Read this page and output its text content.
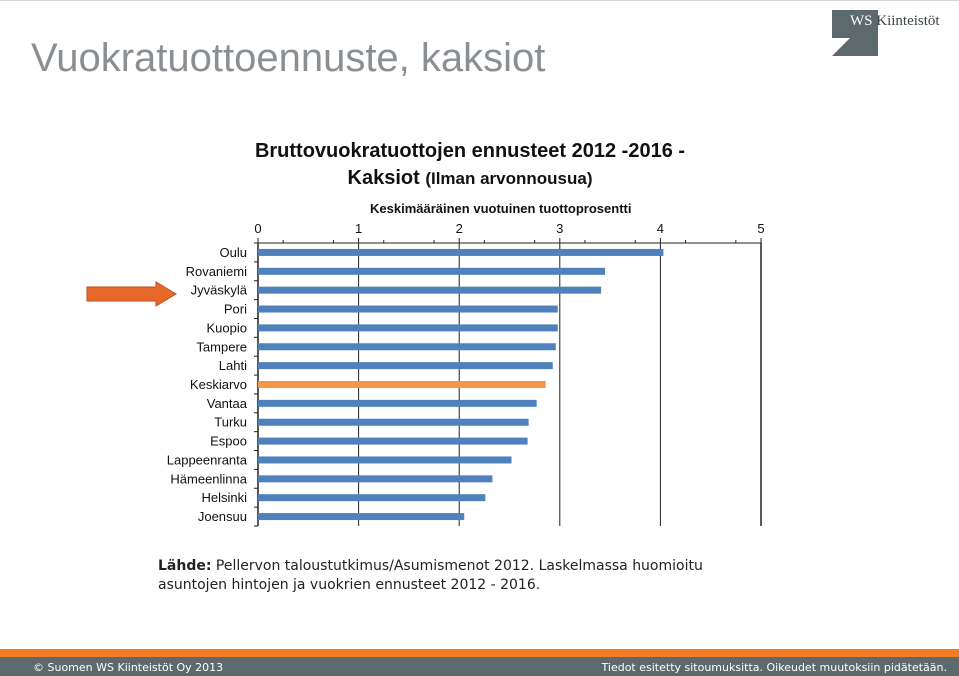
Vuokratuottoennuste, kaksiot
WS Kiinteistöt
Bruttovuokratuottojen ennusteet 2012 -2016 -
Kaksiot (Ilman arvonnousua)
Keskimääräinen vuotuinen tuottoprosentti
0	1	2	3	4	5
Oulu
Rovaniemi
Jyväskylä
Pori
Kuopio
Tampere
Lahti
Keskiarvo
Vantaa
Turku
Espoo
Lappeenranta
Hämeenlinna
Helsinki
Joensuu
Lähde: Pellervon taloustutkimus/Asumismenot 2012. Laskelmassa huomioitu
asuntojen hintojen ja vuokrien ennusteet 2012 - 2016.
© Suomen WS Kiinteistöt Oy 2013	Tiedot esitetty sitoumuksitta. Oikeudet muutoksiin pidätetään.
